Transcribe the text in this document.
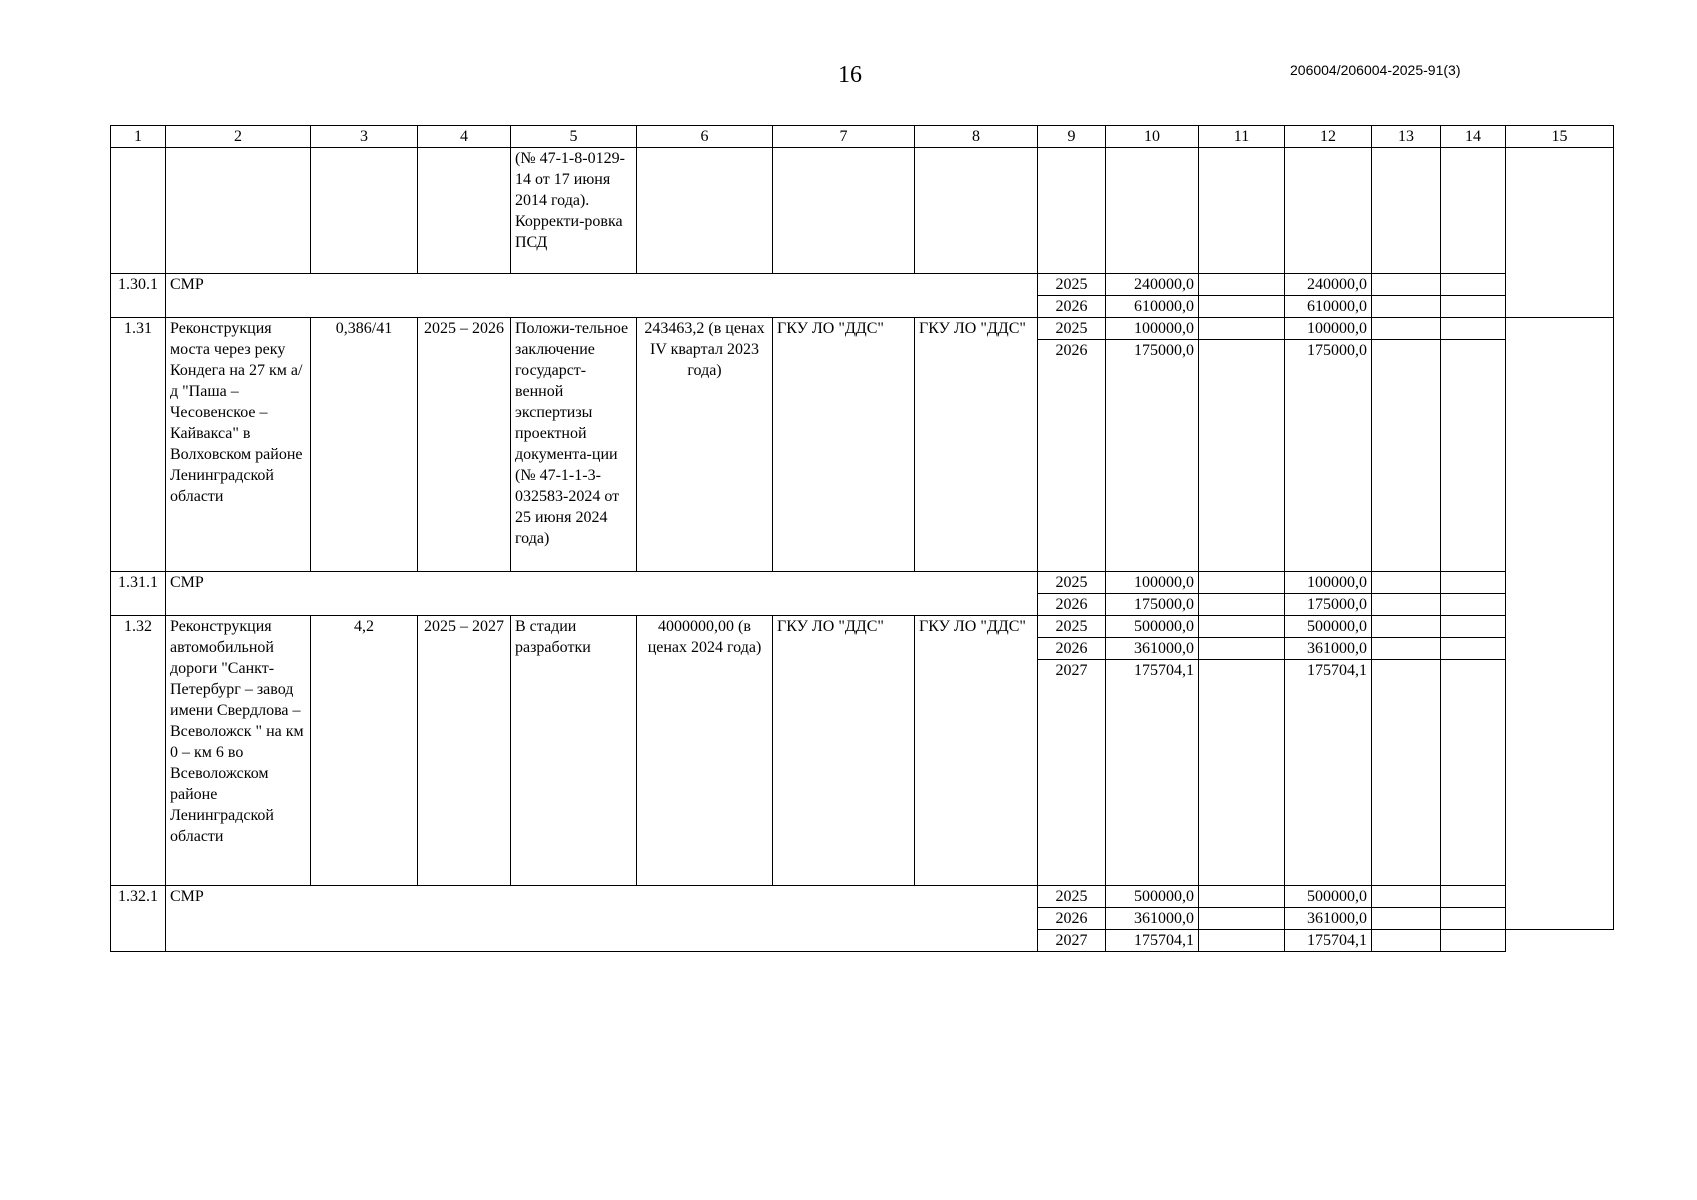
16	206004/206004-2025-91(3)
1	2	3	4	5	6	7	8	9	10	11	12	13	14	15
				(№ 47-1-8-0129-14 от 17 июня 2014 года). Корректи-ровка ПСД										
1.30.1	СМР							2025	240000,0		240000,0			
								2026	610000,0		610000,0			
1.31	Реконструкция моста через реку Кондега на 27 км а/д "Паша – Чесовенское – Кайвакса" в Волховском районе Ленинградской области	0,386/41	2025 – 2026	Положи-тельное заключение государст-венной экспертизы проектной документа-ции (№ 47-1-1-3-032583-2024 от 25 июня 2024 года)	243463,2 (в ценах IV квартал 2023 года)	ГКУ ЛО "ДДС"	ГКУ ЛО "ДДС"	2025	100000,0		100000,0			
								2026	175000,0		175000,0			
1.31.1	СМР							2025	100000,0		100000,0			
								2026	175000,0		175000,0			
1.32	Реконструкция автомобильной дороги "Санкт-Петербург – завод имени Свердлова – Всеволожск " на км 0 – км 6 во Всеволожском районе Ленинградской области	4,2	2025 – 2027	В стадии разработки	4000000,00 (в ценах 2024 года)	ГКУ ЛО "ДДС"	ГКУ ЛО "ДДС"	2025	500000,0		500000,0			
								2026	361000,0		361000,0			
								2027	175704,1		175704,1			
1.32.1	СМР							2025	500000,0		500000,0			
								2026	361000,0		361000,0			
								2027	175704,1		175704,1			
